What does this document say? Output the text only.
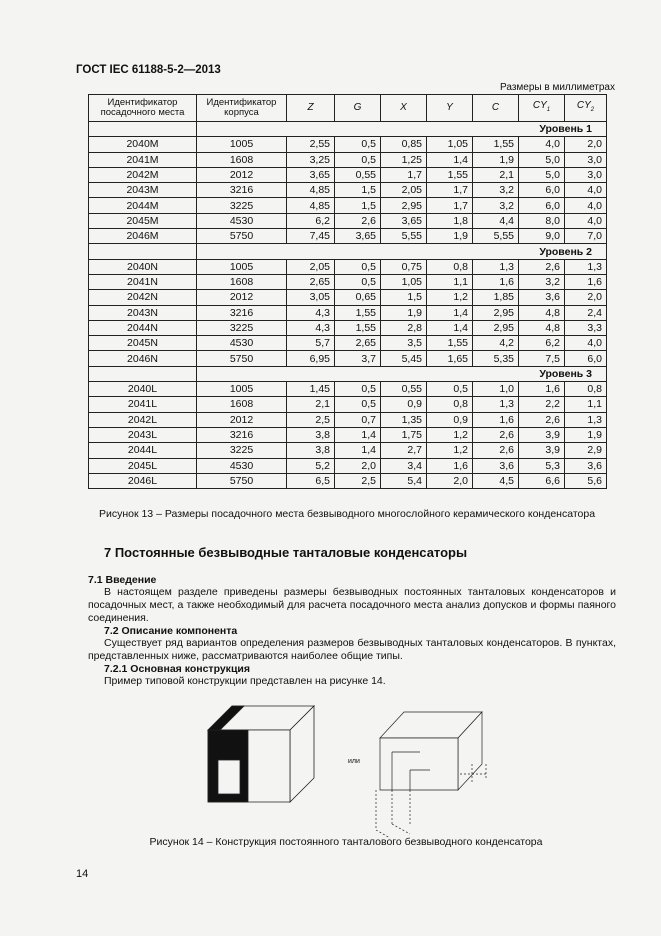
ГОСТ IEC 61188-5-2—2013
Размеры в миллиметрах
Идентификатор посадочного места	Идентификатор корпуса	Z	G	X	Y	C	$CY_1$	$CY_2$
	Уровень 1							
2040M	1005	2,55	0,5	0,85	1,05	1,55	4,0	2,0
2041M	1608	3,25	0,5	1,25	1,4	1,9	5,0	3,0
2042M	2012	3,65	0,55	1,7	1,55	2,1	5,0	3,0
2043M	3216	4,85	1,5	2,05	1,7	3,2	6,0	4,0
2044M	3225	4,85	1,5	2,95	1,7	3,2	6,0	4,0
2045M	4530	6,2	2,6	3,65	1,8	4,4	8,0	4,0
2046M	5750	7,45	3,65	5,55	1,9	5,55	9,0	7,0
	Уровень 2							
2040N	1005	2,05	0,5	0,75	0,8	1,3	2,6	1,3
2041N	1608	2,65	0,5	1,05	1,1	1,6	3,2	1,6
2042N	2012	3,05	0,65	1,5	1,2	1,85	3,6	2,0
2043N	3216	4,3	1,55	1,9	1,4	2,95	4,8	2,4
2044N	3225	4,3	1,55	2,8	1,4	2,95	4,8	3,3
2045N	4530	5,7	2,65	3,5	1,55	4,2	6,2	4,0
2046N	5750	6,95	3,7	5,45	1,65	5,35	7,5	6,0
	Уровень 3							
2040L	1005	1,45	0,5	0,55	0,5	1,0	1,6	0,8
2041L	1608	2,1	0,5	0,9	0,8	1,3	2,2	1,1
2042L	2012	2,5	0,7	1,35	0,9	1,6	2,6	1,3
2043L	3216	3,8	1,4	1,75	1,2	2,6	3,9	1,9
2044L	3225	3,8	1,4	2,7	1,2	2,6	3,9	2,9
2045L	4530	5,2	2,0	3,4	1,6	3,6	5,3	3,6
2046L	5750	6,5	2,5	5,4	2,0	4,5	6,6	5,6
Рисунок 13 – Размеры посадочного места безвыводного многослойного керамического конденсатора
7 Постоянные безвыводные танталовые конденсаторы
7.1 Введение
В настоящем разделе приведены размеры безвыводных постоянных танталовых конденсаторов и посадочных мест, а также необходимый для расчета посадочного места анализ допусков и формы паяного соединения.
7.2 Описание компонента
Существует ряд вариантов определения размеров безвыводных танталовых конденсаторов. В пунктах, представленных ниже, рассматриваются наиболее общие типы.
7.2.1 Основная конструкция
Пример типовой конструкции представлен на рисунке 14.
или
Рисунок 14 – Конструкция постоянного танталового безвыводного конденсатора
14
